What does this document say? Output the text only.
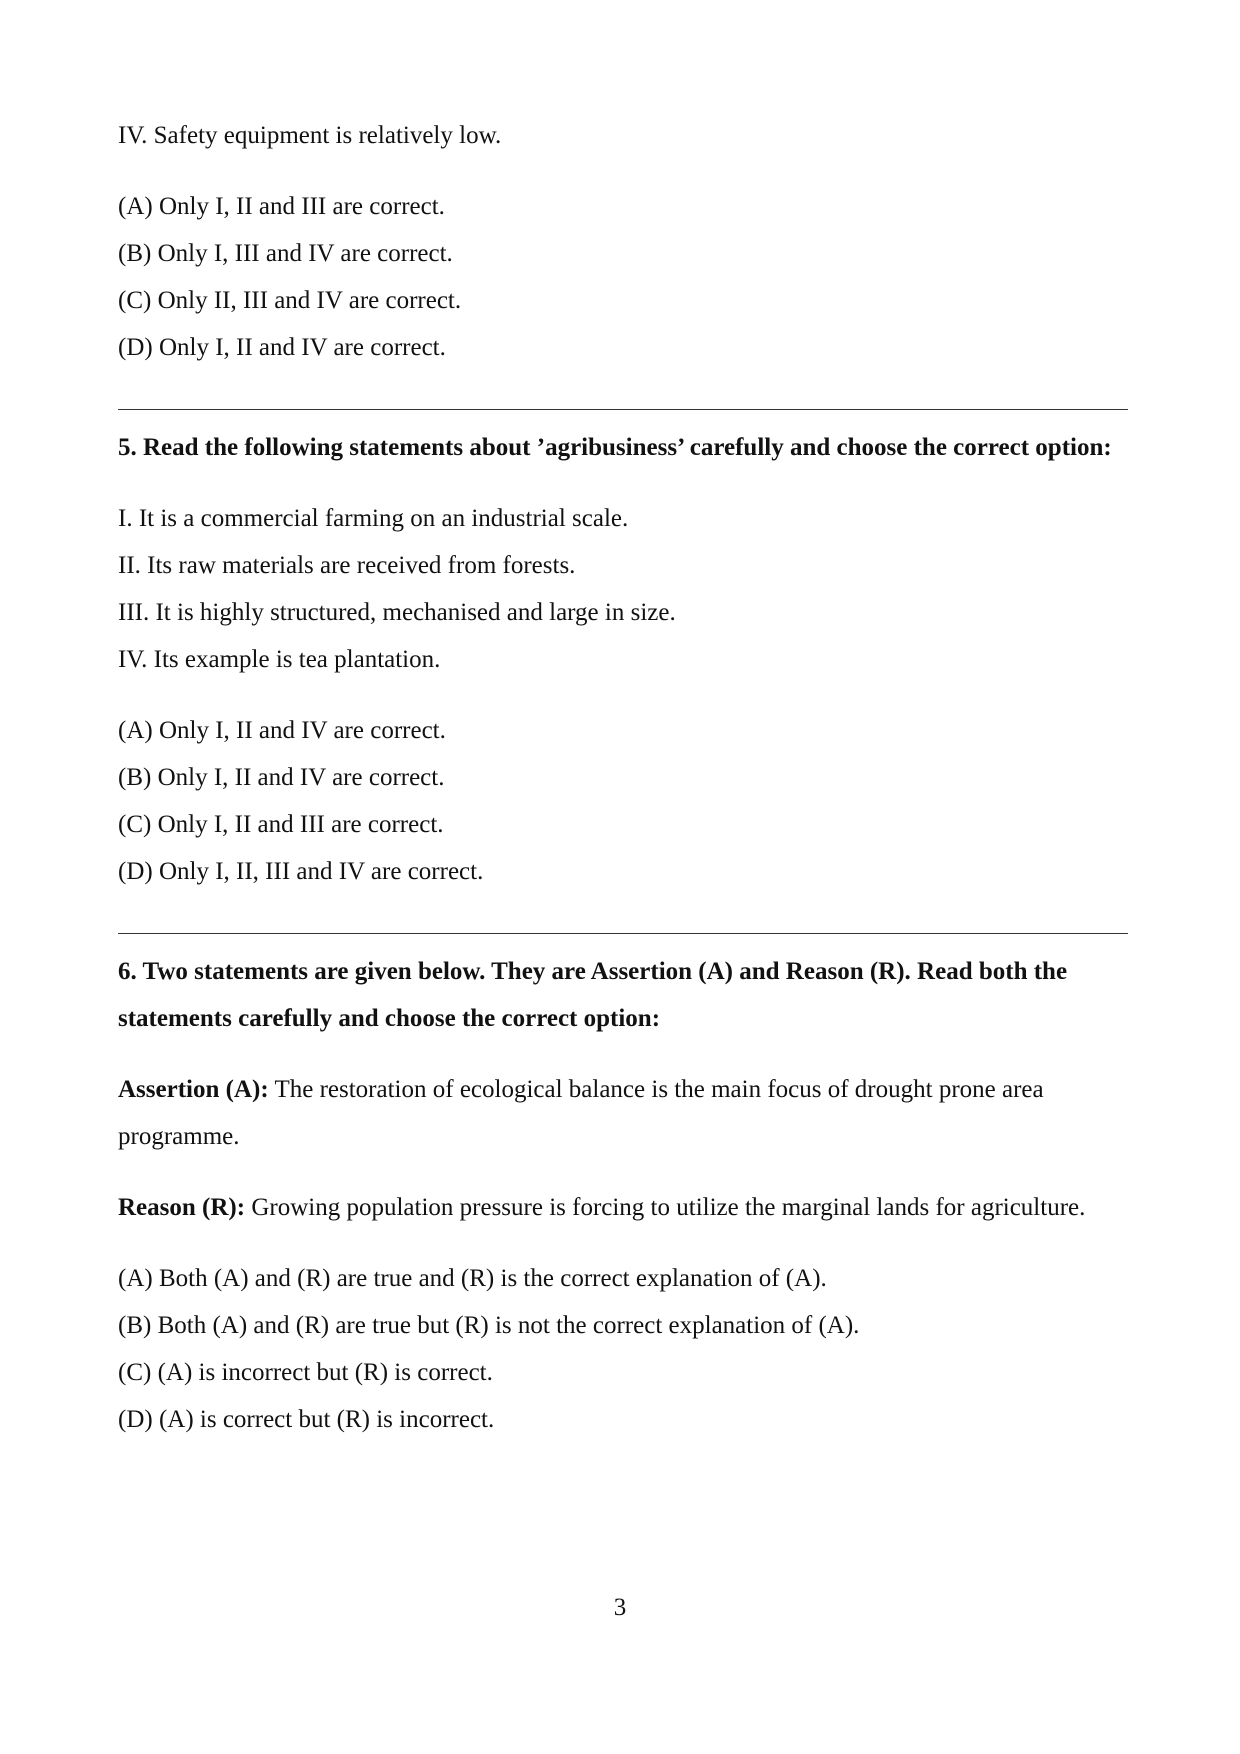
IV. Safety equipment is relatively low.
(A) Only I, II and III are correct.
(B) Only I, III and IV are correct.
(C) Only II, III and IV are correct.
(D) Only I, II and IV are correct.
5. Read the following statements about ’agribusiness’ carefully and choose the correct option:
I. It is a commercial farming on an industrial scale.
II. Its raw materials are received from forests.
III. It is highly structured, mechanised and large in size.
IV. Its example is tea plantation.
(A) Only I, II and IV are correct.
(B) Only I, II and IV are correct.
(C) Only I, II and III are correct.
(D) Only I, II, III and IV are correct.
6. Two statements are given below. They are Assertion (A) and Reason (R). Read both the statements carefully and choose the correct option:
Assertion (A): The restoration of ecological balance is the main focus of drought prone area programme.
Reason (R): Growing population pressure is forcing to utilize the marginal lands for agriculture.
(A) Both (A) and (R) are true and (R) is the correct explanation of (A).
(B) Both (A) and (R) are true but (R) is not the correct explanation of (A).
(C) (A) is incorrect but (R) is correct.
(D) (A) is correct but (R) is incorrect.
3
